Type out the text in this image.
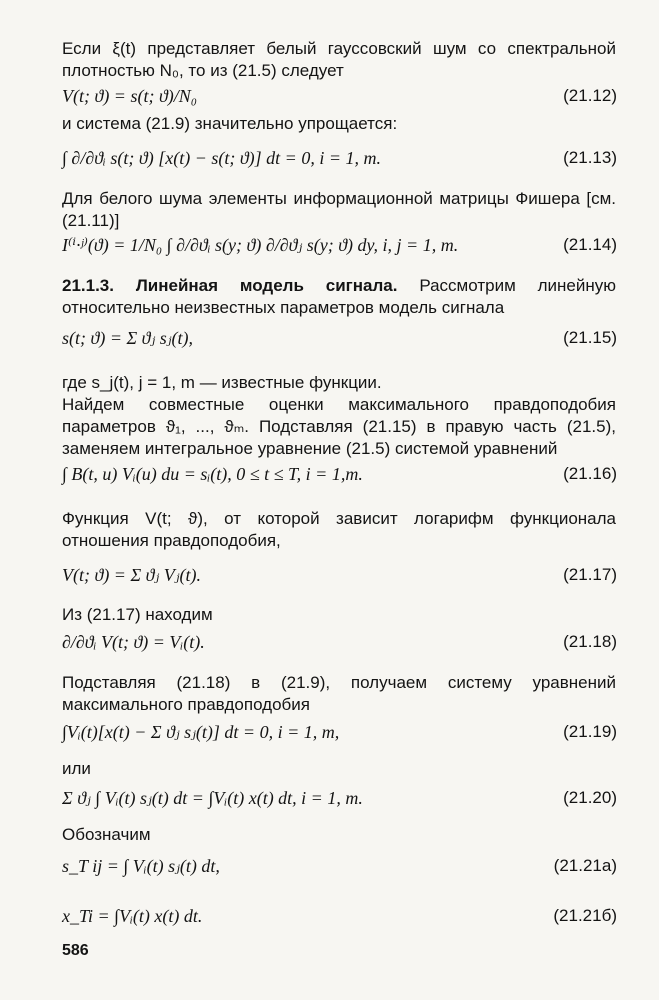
Если ξ(t) представляет белый гауссовский шум со спектральной плотностью N₀, то из (21.5) следует

V(t; ϑ) = s(t; ϑ)/N₀	(21.12)

и система (21.9) значительно упрощается:

∫ ∂/∂ϑᵢ s(t; ϑ) [x(t) − s(t; ϑ)] dt = 0, i = 1, m.	(21.13)

Для белого шума элементы информационной матрицы Фишера [см. (21.11)]

I⁽ⁱ·ʲ⁾(ϑ) = 1/N₀ ∫ ∂/∂ϑᵢ s(y; ϑ) ∂/∂ϑⱼ s(y; ϑ) dy, i, j = 1, m.	(21.14)

21.1.3. Линейная модель сигнала. Рассмотрим линейную относительно неизвестных параметров модель сигнала

s(t; ϑ) = Σ ϑⱼ sⱼ(t),	(21.15)

где s_j(t), j = 1, m — известные функции.

Найдем совместные оценки максимального правдоподобия параметров ϑ₁, ..., ϑₘ. Подставляя (21.15) в правую часть (21.5), заменяем интегральное уравнение (21.5) системой уравнений

∫ B(t, u) Vᵢ(u) du = sᵢ(t), 0 ≤ t ≤ T, i = 1,m.	(21.16)

Функция V(t; ϑ), от которой зависит логарифм функционала отношения правдоподобия,

V(t; ϑ) = Σ ϑⱼ Vⱼ(t).	(21.17)

Из (21.17) находим

∂/∂ϑᵢ V(t; ϑ) = Vᵢ(t).	(21.18)

Подставляя (21.18) в (21.9), получаем систему уравнений максимального правдоподобия

∫Vᵢ(t)[x(t) − Σ ϑⱼ sⱼ(t)] dt = 0, i = 1, m,	(21.19)

или

Σ ϑⱼ ∫ Vᵢ(t) sⱼ(t) dt = ∫Vᵢ(t) x(t) dt, i = 1, m.	(21.20)

Обозначим

s_T ij = ∫ Vᵢ(t) sⱼ(t) dt,	(21.21а)
x_Ti = ∫Vᵢ(t) x(t) dt.	(21.21б)
586
